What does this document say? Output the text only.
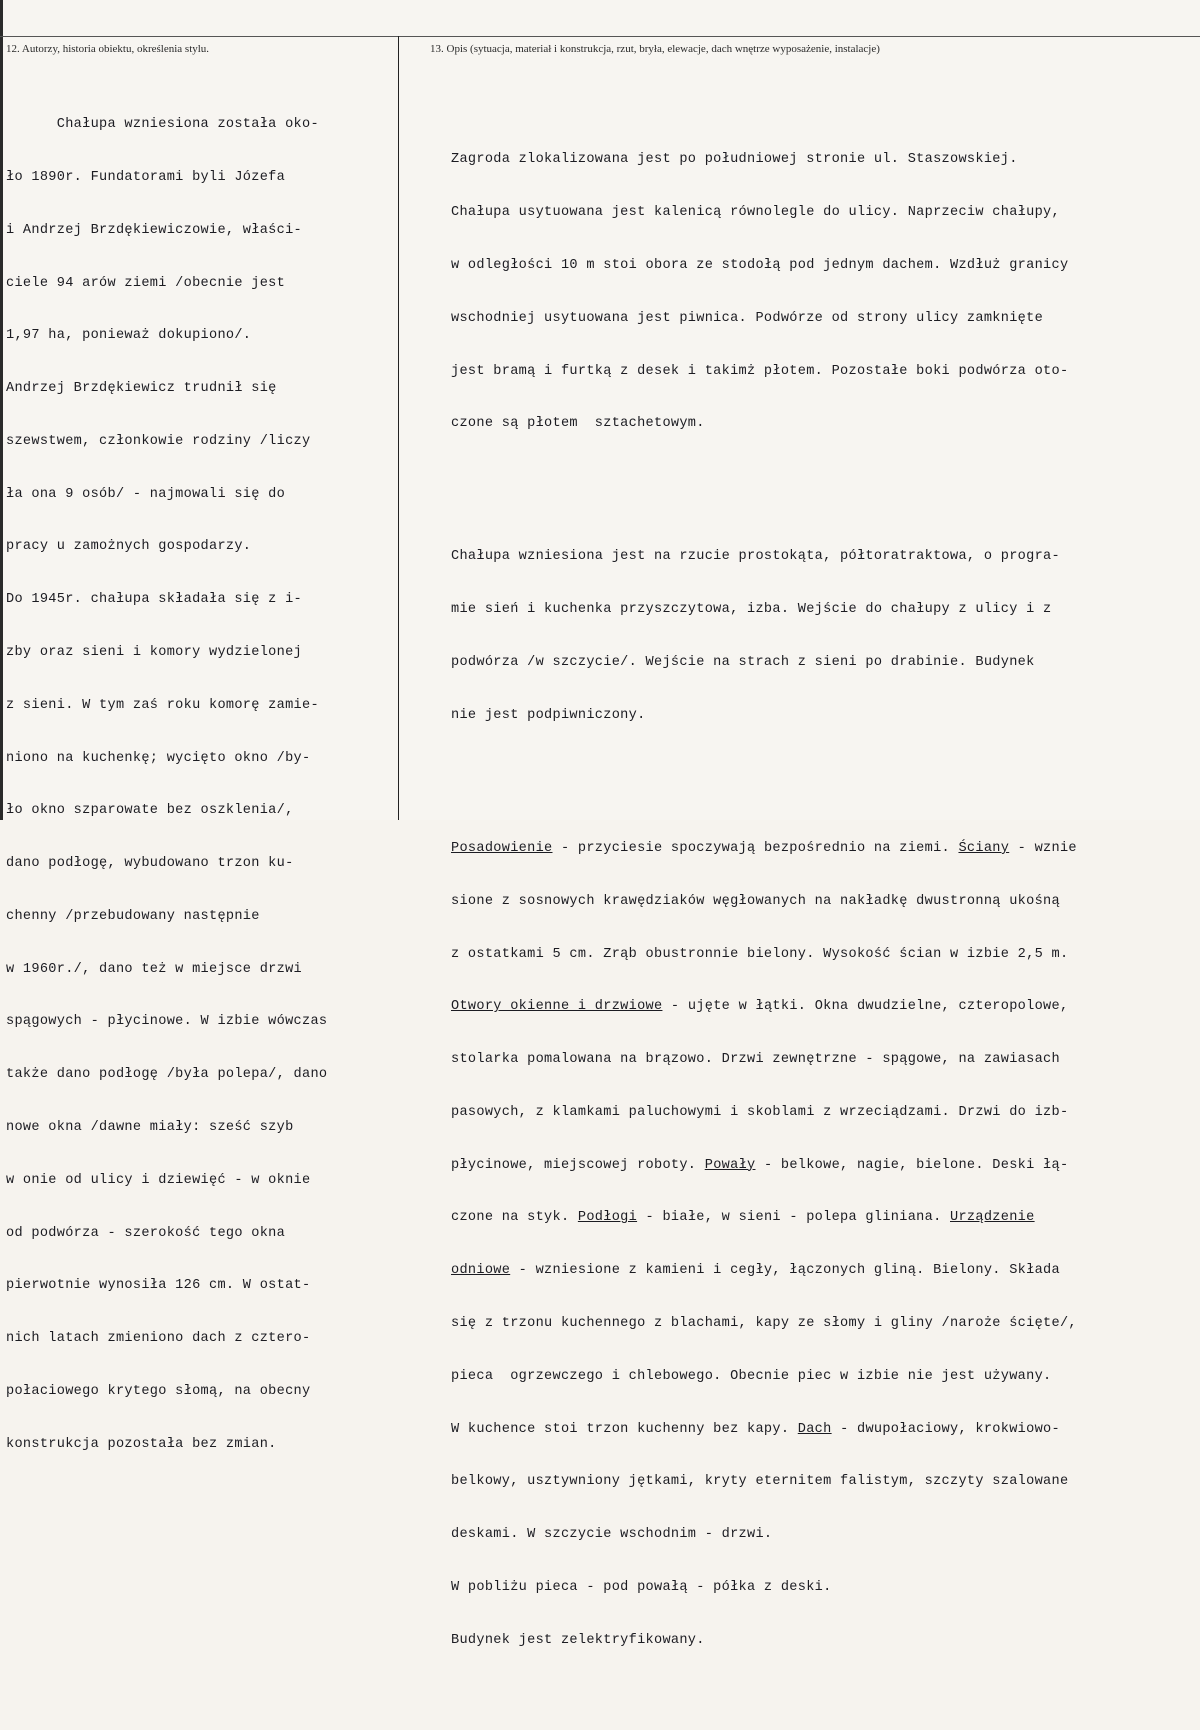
12. Autorzy, historia obiektu, określenia stylu.	13. Opis (sytuacja, materiał i konstrukcja, rzut, bryła, elewacje, dach wnętrze wyposażenie, instalacje)

Chałupa wzniesiona została oko-

ło 1890r. Fundatorami byli Józefa

i Andrzej Brzdękiewiczowie, właści-

ciele 94 arów ziemi /obecnie jest

1,97 ha, ponieważ dokupiono/.

Andrzej Brzdękiewicz trudnił się

szewstwem, członkowie rodziny /liczy

ła ona 9 osób/ - najmowali się do

pracy u zamożnych gospodarzy.

Do 1945r. chałupa składała się z i-

zby oraz sieni i komory wydzielonej

z sieni. W tym zaś roku komorę zamie-

niono na kuchenkę; wycięto okno /by-

ło okno szparowate bez oszklenia/,

dano podłogę, wybudowano trzon ku-

chenny /przebudowany następnie

w 1960r./, dano też w miejsce drzwi

spągowych - płycinowe. W izbie wówczas

także dano podłogę /była polepa/, dano

nowe okna /dawne miały: sześć szyb

w onie od ulicy i dziewięć - w oknie

od podwórza - szerokość tego okna

pierwotnie wynosiła 126 cm. W ostat-

nich latach zmieniono dach z cztero-

połaciowego krytego słomą, na obecny

konstrukcja pozostała bez zmian.

Zagroda zlokalizowana jest po południowej stronie ul. Staszowskiej.

Chałupa usytuowana jest kalenicą równolegle do ulicy. Naprzeciw chałupy,

w odległości 10 m stoi obora ze stodołą pod jednym dachem. Wzdłuż granicy

wschodniej usytuowana jest piwnica. Podwórze od strony ulicy zamknięte

jest bramą i furtką z desek i takimż płotem. Pozostałe boki podwórza oto-

czone są płotem  sztachetowym.

Chałupa wzniesiona jest na rzucie prostokąta, półtoratraktowa, o progra-

mie sień i kuchenka przyszczytowa, izba. Wejście do chałupy z ulicy i z

podwórza /w szczycie/. Wejście na strach z sieni po drabinie. Budynek

nie jest podpiwniczony.

Posadowienie - przyciesie spoczywają bezpośrednio na ziemi. Ściany - wznie

sione z sosnowych krawędziaków węgłowanych na nakładkę dwustronną ukośną

z ostatkami 5 cm. Zrąb obustronnie bielony. Wysokość ścian w izbie 2,5 m.

Otwory okienne i drzwiowe - ujęte w łątki. Okna dwudzielne, czteropolowe,

stolarka pomalowana na brązowo. Drzwi zewnętrzne - spągowe, na zawiasach

pasowych, z klamkami paluchowymi i skoblami z wrzeciądzami. Drzwi do izb-

płycinowe, miejscowej roboty. Powały - belkowe, nagie, bielone. Deski łą-

czone na styk. Podłogi - białe, w sieni - polepa gliniana. Urządzenie

odniowe - wzniesione z kamieni i cegły, łączonych gliną. Bielony. Składa

się z trzonu kuchennego z blachami, kapy ze słomy i gliny /naroże ścięte/,

pieca  ogrzewczego i chlebowego. Obecnie piec w izbie nie jest używany.

W kuchence stoi trzon kuchenny bez kapy. Dach - dwupołaciowy, krokwiowo-

belkowy, usztywniony jętkami, kryty eternitem falistym, szczyty szalowane

deskami. W szczycie wschodnim - drzwi.

W pobliżu pieca - pod powałą - półka z deski.

Budynek jest zelektryfikowany.
